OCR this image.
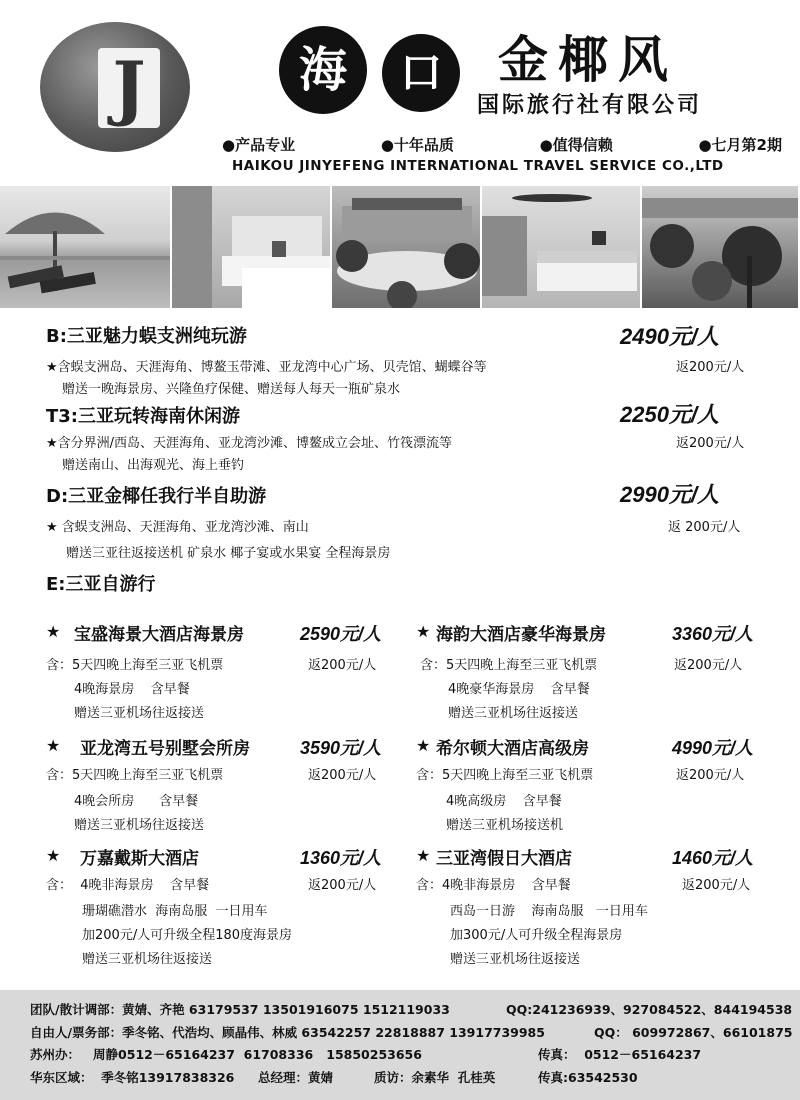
J	海	口	金椰风
国际旅行社有限公司
●产品专业	●十年品质	●值得信赖	●七月第2期
HAIKOU JINYEFENG INTERNATIONAL TRAVEL SERVICE CO.,LTD
B:三亚魅力蜈支洲纯玩游	2490元/人
★含蜈支洲岛、天涯海角、博鳌玉带滩、亚龙湾中心广场、贝壳馆、蝴蝶谷等	返200元/人
赠送一晚海景房、兴隆鱼疗保健、赠送每人每天一瓶矿泉水
T3:三亚玩转海南休闲游	2250元/人
★含分界洲/西岛、天涯海角、亚龙湾沙滩、博鳌成立会址、竹筏漂流等	返200元/人
赠送南山、出海观光、海上垂钓
D:三亚金椰任我行半自助游	2990元/人
★ 含蜈支洲岛、天涯海角、亚龙湾沙滩、南山	返 200元/人
赠送三亚往返接送机 矿泉水 椰子宴或水果宴 全程海景房
E:三亚自游行
★ 宝盛海景大酒店海景房	2590元/人
含：5天四晚上海至三亚飞机票	返200元/人
4晚海景房    含早餐
赠送三亚机场往返接送
★ 亚龙湾五号别墅会所房	3590元/人
含：5天四晚上海至三亚飞机票	返200元/人
4晚会所房      含早餐
赠送三亚机场往返接送
★ 万嘉戴斯大酒店	1360元/人
含：  4晚非海景房    含早餐	返200元/人
珊瑚礁潜水  海南岛服  一日用车
加200元/人可升级全程180度海景房
赠送三亚机场往返接送
★ 海韵大酒店豪华海景房	3360元/人
含：5天四晚上海至三亚飞机票	返200元/人
4晚豪华海景房    含早餐
赠送三亚机场往返接送
★ 希尔顿大酒店高级房	4990元/人
含：5天四晚上海至三亚飞机票	返200元/人
4晚高级房    含早餐
赠送三亚机场接送机
★ 三亚湾假日大酒店	1460元/人
含：4晚非海景房    含早餐	返200元/人
西岛一日游    海南岛服   一日用车
加300元/人可升级全程海景房
赠送三亚机场往返接送
团队/散计调部：黄婧、齐艳 63179537 13501916075 1512119033	QQ:241236939、927084522、844194538
自由人/票务部：季冬铭、代浩均、顾晶伟、林威 63542257 22818887 13917739985	QQ： 609972867、66101875
苏州办：   周静0512－65164237  61708336   15850253656	传真：  0512－65164237
华东区域：  季冬铭13917838326 总经理：黄婧	质访：余素华  孔桂英	传真:63542530
